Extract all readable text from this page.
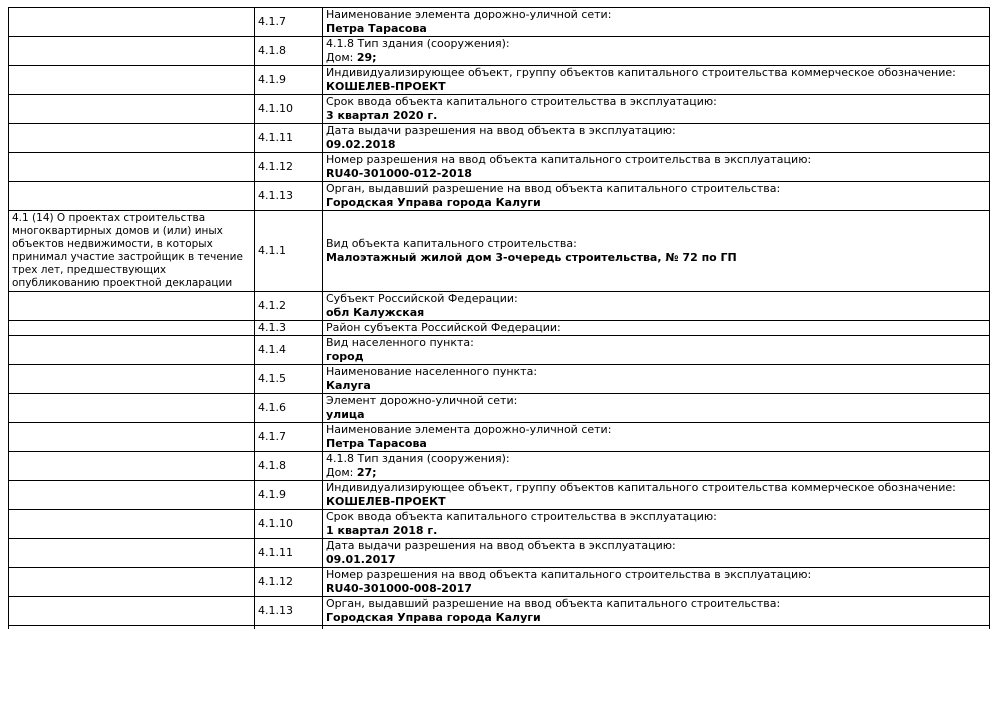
	4.1.7	Наименование элемента дорожно-уличной сети:
Петра Тарасова

	4.1.8	4.1.8 Тип здания (сооружения):
Дом: 29;

	4.1.9	Индивидуализирующее объект, группу объектов капитального строительства коммерческое обозначение:
КОШЕЛЕВ-ПРОЕКТ

	4.1.10	Срок ввода объекта капитального строительства в эксплуатацию:
3 квартал 2020 г.

	4.1.11	Дата выдачи разрешения на ввод объекта в эксплуатацию:
09.02.2018

	4.1.12	Номер разрешения на ввод объекта капитального строительства в эксплуатацию:
RU40-301000-012-2018

	4.1.13	Орган, выдавший разрешение на ввод объекта капитального строительства:
Городская Управа города Калуги

4.1 (14) О проектах строительства многоквартирных домов и (или) иных объектов недвижимости, в которых принимал участие застройщик в течение трех лет, предшествующих опубликованию проектной декларации	4.1.1	Вид объекта капитального строительства:
Малоэтажный жилой дом 3-очередь строительства, № 72 по ГП

	4.1.2	Субъект Российской Федерации:
обл Калужская

	4.1.3	Район субъекта Российской Федерации:

	4.1.4	Вид населенного пункта:
город

	4.1.5	Наименование населенного пункта:
Калуга

	4.1.6	Элемент дорожно-уличной сети:
улица

	4.1.7	Наименование элемента дорожно-уличной сети:
Петра Тарасова

	4.1.8	4.1.8 Тип здания (сооружения):
Дом: 27;

	4.1.9	Индивидуализирующее объект, группу объектов капитального строительства коммерческое обозначение:
КОШЕЛЕВ-ПРОЕКТ

	4.1.10	Срок ввода объекта капитального строительства в эксплуатацию:
1 квартал 2018 г.

	4.1.11	Дата выдачи разрешения на ввод объекта в эксплуатацию:
09.01.2017

	4.1.12	Номер разрешения на ввод объекта капитального строительства в эксплуатацию:
RU40-301000-008-2017

	4.1.13	Орган, выдавший разрешение на ввод объекта капитального строительства:
Городская Управа города Калуги
